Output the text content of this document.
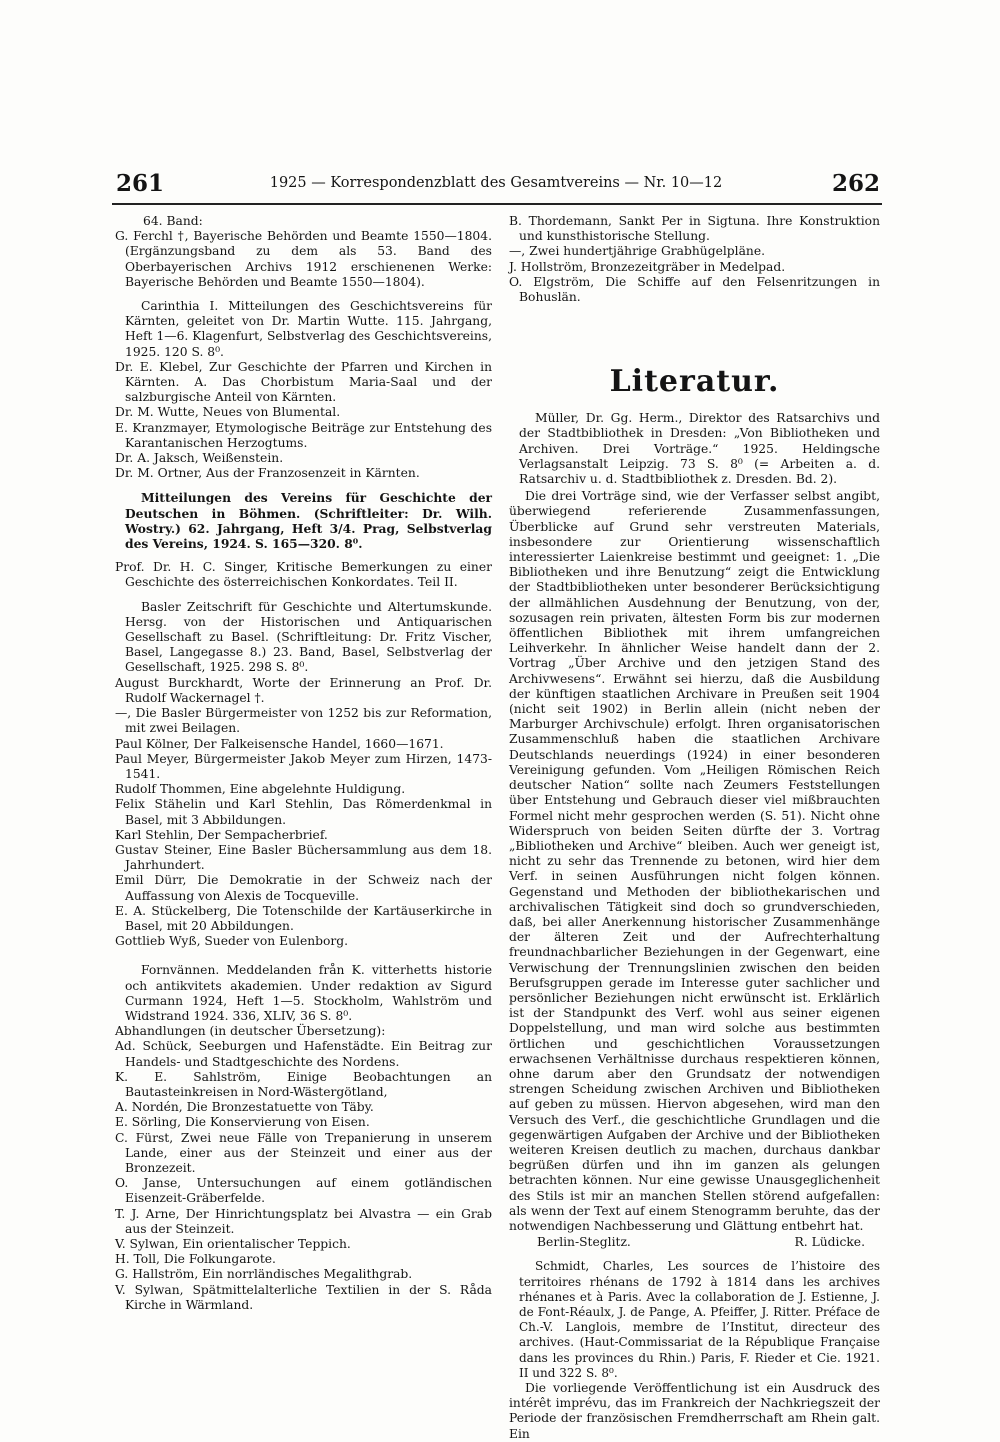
261	1925 — Korrespondenzblatt des Gesamtvereins — Nr. 10—12	262

64. Band:

G. Ferchl †, Bayerische Behörden und Beamte 1550—1804. (Ergänzungsband zu dem als 53. Band des Oberbayerischen Archivs 1912 erschienenen Werke: Bayerische Behörden und Beamte 1550—1804).

Carinthia I. Mitteilungen des Geschichtsvereins für Kärnten, geleitet von Dr. Martin Wutte. 115. Jahrgang, Heft 1—6. Klagenfurt, Selbstverlag des Geschichtsvereins, 1925. 120 S. 8⁰.

Dr. E. Klebel, Zur Geschichte der Pfarren und Kirchen in Kärnten. A. Das Chorbistum Maria-Saal und der salzburgische Anteil von Kärnten.

Dr. M. Wutte, Neues von Blumental.

E. Kranzmayer, Etymologische Beiträge zur Entstehung des Karantanischen Herzogtums.

Dr. A. Jaksch, Weißenstein.

Dr. M. Ortner, Aus der Franzosenzeit in Kärnten.

Mitteilungen des Vereins für Geschichte der Deutschen in Böhmen. (Schriftleiter: Dr. Wilh. Wostry.) 62. Jahrgang, Heft 3/4. Prag, Selbstverlag des Vereins, 1924. S. 165—320. 8⁰.

Prof. Dr. H. C. Singer, Kritische Bemerkungen zu einer Geschichte des österreichischen Konkordates. Teil II.

Basler Zeitschrift für Geschichte und Altertumskunde. Hersg. von der Historischen und Antiquarischen Gesellschaft zu Basel. (Schriftleitung: Dr. Fritz Vischer, Basel, Langegasse 8.) 23. Band, Basel, Selbstverlag der Gesellschaft, 1925. 298 S. 8⁰.

August Burckhardt, Worte der Erinnerung an Prof. Dr. Rudolf Wackernagel †.

—, Die Basler Bürgermeister von 1252 bis zur Reformation, mit zwei Beilagen.

Paul Kölner, Der Falkeisensche Handel, 1660—1671.

Paul Meyer, Bürgermeister Jakob Meyer zum Hirzen, 1473-1541.

Rudolf Thommen, Eine abgelehnte Huldigung.

Felix Stähelin und Karl Stehlin, Das Römerdenkmal in Basel, mit 3 Abbildungen.

Karl Stehlin, Der Sempacherbrief.

Gustav Steiner, Eine Basler Büchersammlung aus dem 18. Jahrhundert.

Emil Dürr, Die Demokratie in der Schweiz nach der Auffassung von Alexis de Tocqueville.

E. A. Stückelberg, Die Totenschilde der Kartäuserkirche in Basel, mit 20 Abbildungen.

Gottlieb Wyß, Sueder von Eulenborg.

Fornvännen. Meddelanden från K. vitterhetts historie och antikvitets akademien. Under redaktion av Sigurd Curmann 1924, Heft 1—5. Stockholm, Wahlström und Widstrand 1924. 336, XLIV, 36 S. 8⁰.

Abhandlungen (in deutscher Übersetzung):

Ad. Schück, Seeburgen und Hafenstädte. Ein Beitrag zur Handels- und Stadtgeschichte des Nordens.

K. E. Sahlström, Einige Beobachtungen an Bautasteinkreisen in Nord-Wästergötland,

A. Nordén, Die Bronzestatuette von Täby.

E. Sörling, Die Konservierung von Eisen.

C. Fürst, Zwei neue Fälle von Trepanierung in unserem Lande, einer aus der Steinzeit und einer aus der Bronzezeit.

O. Janse, Untersuchungen auf einem gotländischen Eisenzeit-Gräberfelde.

T. J. Arne, Der Hinrichtungsplatz bei Alvastra — ein Grab aus der Steinzeit.

V. Sylwan, Ein orientalischer Teppich.

H. Toll, Die Folkungarote.

G. Hallström, Ein norrländisches Megalithgrab.

V. Sylwan, Spätmittelalterliche Textilien in der S. Råda Kirche in Wärmland.

B. Thordemann, Sankt Per in Sigtuna. Ihre Konstruktion und kunsthistorische Stellung.

—, Zwei hundertjährige Grabhügelpläne.

J. Hollström, Bronzezeitgräber in Medelpad.

O. Elgström, Die Schiffe auf den Felsenritzungen in Bohuslän.

Literatur.

Müller, Dr. Gg. Herm., Direktor des Ratsarchivs und der Stadtbibliothek in Dresden: „Von Bibliotheken und Archiven. Drei Vorträge.“ 1925. Heldingsche Verlagsanstalt Leipzig. 73 S. 8⁰ (= Arbeiten a. d. Ratsarchiv u. d. Stadtbibliothek z. Dresden. Bd. 2).

Die drei Vorträge sind, wie der Verfasser selbst angibt, überwiegend referierende Zusammenfassungen, Überblicke auf Grund sehr verstreuten Materials, insbesondere zur Orientierung wissenschaftlich interessierter Laienkreise bestimmt und geeignet: 1. „Die Bibliotheken und ihre Benutzung“ zeigt die Entwicklung der Stadtbibliotheken unter besonderer Berücksichtigung der allmählichen Ausdehnung der Benutzung, von der, sozusagen rein privaten, ältesten Form bis zur modernen öffentlichen Bibliothek mit ihrem umfangreichen Leihverkehr. In ähnlicher Weise handelt dann der 2. Vortrag „Über Archive und den jetzigen Stand des Archivwesens“. Erwähnt sei hierzu, daß die Ausbildung der künftigen staatlichen Archivare in Preußen seit 1904 (nicht seit 1902) in Berlin allein (nicht neben der Marburger Archivschule) erfolgt. Ihren organisatorischen Zusammenschluß haben die staatlichen Archivare Deutschlands neuerdings (1924) in einer besonderen Vereinigung gefunden. Vom „Heiligen Römischen Reich deutscher Nation“ sollte nach Zeumers Feststellungen über Entstehung und Gebrauch dieser viel mißbrauchten Formel nicht mehr gesprochen werden (S. 51). Nicht ohne Widerspruch von beiden Seiten dürfte der 3. Vortrag „Bibliotheken und Archive“ bleiben. Auch wer geneigt ist, nicht zu sehr das Trennende zu betonen, wird hier dem Verf. in seinen Ausführungen nicht folgen können. Gegenstand und Methoden der bibliothekarischen und archivalischen Tätigkeit sind doch so grundverschieden, daß, bei aller Anerkennung historischer Zusammenhänge der älteren Zeit und der Aufrechterhaltung freundnachbarlicher Beziehungen in der Gegenwart, eine Verwischung der Trennungslinien zwischen den beiden Berufsgruppen gerade im Interesse guter sachlicher und persönlicher Beziehungen nicht erwünscht ist. Erklärlich ist der Standpunkt des Verf. wohl aus seiner eigenen Doppelstellung, und man wird solche aus bestimmten örtlichen und geschichtlichen Voraussetzungen erwachsenen Verhältnisse durchaus respektieren können, ohne darum aber den Grundsatz der notwendigen strengen Scheidung zwischen Archiven und Bibliotheken auf geben zu müssen. Hiervon abgesehen, wird man den Versuch des Verf., die geschichtliche Grundlagen und die gegenwärtigen Aufgaben der Archive und der Bibliotheken weiteren Kreisen deutlich zu machen, durchaus dankbar begrüßen dürfen und ihn im ganzen als gelungen betrachten können. Nur eine gewisse Unausgeglichenheit des Stils ist mir an manchen Stellen störend aufgefallen: als wenn der Text auf einem Stenogramm beruhte, das der notwendigen Nachbesserung und Glättung entbehrt hat.

Berlin-Steglitz.	R. Lüdicke.

Schmidt, Charles, Les sources de l’histoire des territoires rhénans de 1792 à 1814 dans les archives rhénanes et à Paris. Avec la collaboration de J. Estienne, J. de Font-Réaulx, J. de Pange, A. Pfeiffer, J. Ritter. Préface de Ch.-V. Langlois, membre de l’Institut, directeur des archives. (Haut-Commissariat de la République Française dans les provinces du Rhin.) Paris, F. Rieder et Cie. 1921. II und 322 S. 8⁰.

Die vorliegende Veröffentlichung ist ein Ausdruck des intérêt imprévu, das im Frankreich der Nachkriegszeit der Periode der französischen Fremdherrschaft am Rhein galt. Ein
